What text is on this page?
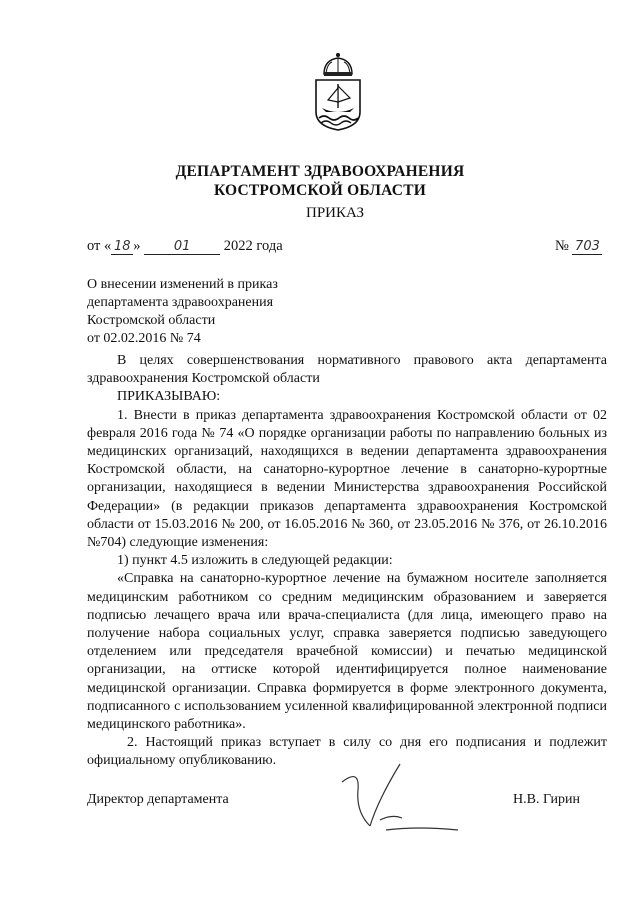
ДЕПАРТАМЕНТ ЗДРАВООХРАНЕНИЯ
КОСТРОМСКОЙ ОБЛАСТИ
ПРИКАЗ
от « 18 »	01 2022 года	№ 703
О внесении изменений в приказ
департамента здравоохранения
Костромской области
от 02.02.2016 № 74

В целях совершенствования нормативного правового акта департамента здравоохранения Костромской области

ПРИКАЗЫВАЮ:

1. Внести в приказ департамента здравоохранения Костромской области от 02 февраля 2016 года № 74 «О порядке организации работы по направлению больных из медицинских организаций, находящихся в ведении департамента здравоохранения Костромской области, на санаторно-курортное лечение в санаторно-курортные организации, находящиеся в ведении Министерства здравоохранения Российской Федерации» (в редакции приказов департамента здравоохранения Костромской области от 15.03.2016 № 200, от 16.05.2016 № 360, от 23.05.2016 № 376, от 26.10.2016 №704) следующие изменения:

1) пункт 4.5 изложить в следующей редакции:

«Справка на санаторно-курортное лечение на бумажном носителе заполняется медицинским работником со средним медицинским образованием и заверяется подписью лечащего врача или врача-специалиста (для лица, имеющего право на получение набора социальных услуг, справка заверяется подписью заведующего отделением или председателя врачебной комиссии) и печатью медицинской организации, на оттиске которой идентифицируется полное наименование медицинской организации. Справка формируется в форме электронного документа, подписанного с использованием усиленной квалифицированной электронной подписи медицинского работника».

2. Настоящий приказ вступает в силу со дня его подписания и подлежит официальному опубликованию.

Директор департамента	Н.В. Гирин
